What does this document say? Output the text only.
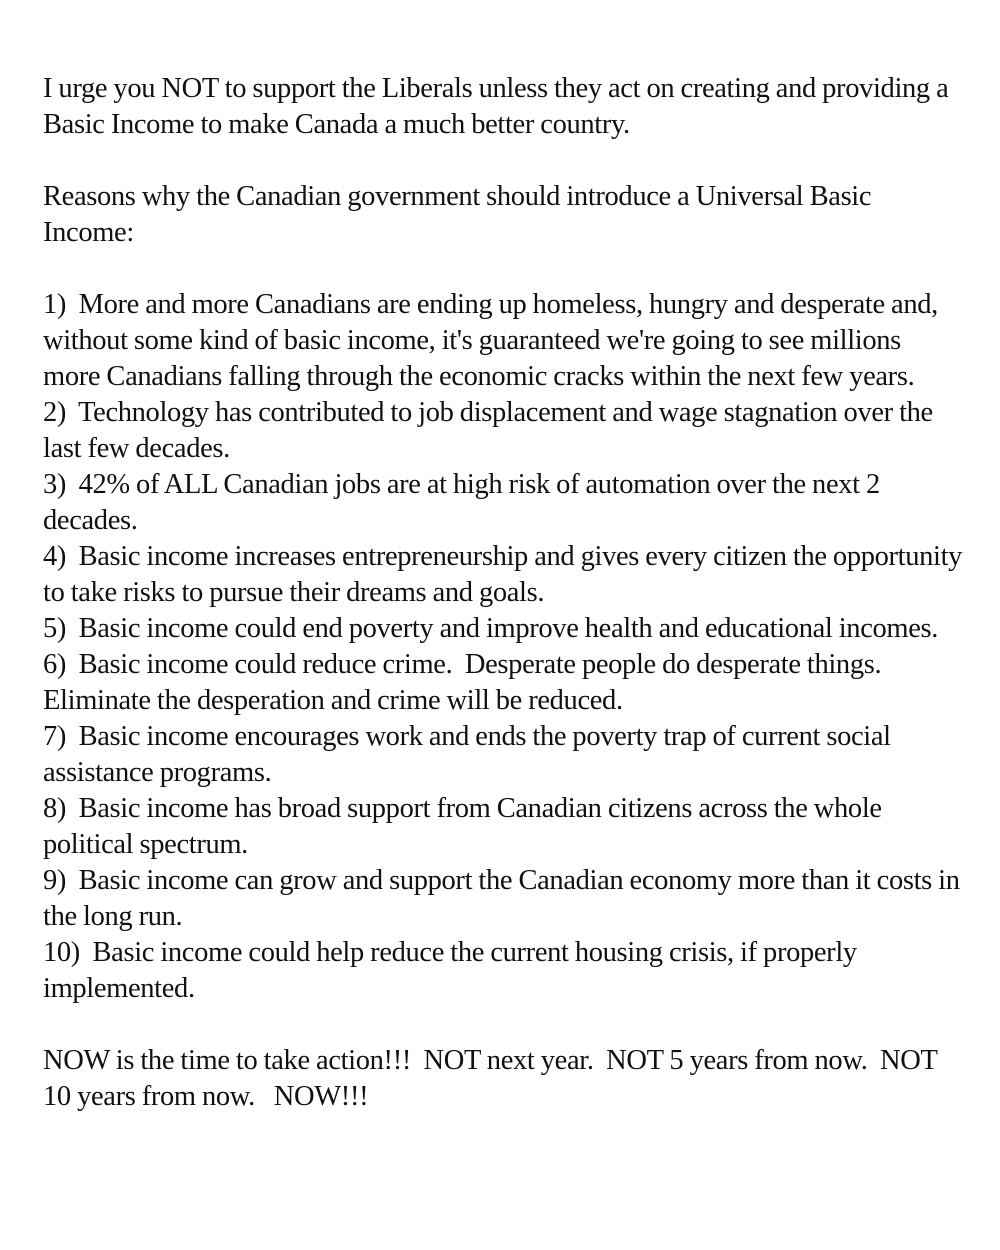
I urge you NOT to support the Liberals unless they act on creating and providing a Basic Income to make Canada a much better country.

Reasons why the Canadian government should introduce a Universal Basic Income:

1)  More and more Canadians are ending up homeless, hungry and desperate and, without some kind of basic income, it's guaranteed we're going to see millions more Canadians falling through the economic cracks within the next few years.
2)  Technology has contributed to job displacement and wage stagnation over the last few decades.
3)  42% of ALL Canadian jobs are at high risk of automation over the next 2 decades.
4)  Basic income increases entrepreneurship and gives every citizen the opportunity to take risks to pursue their dreams and goals.
5)  Basic income could end poverty and improve health and educational incomes.
6)  Basic income could reduce crime.  Desperate people do desperate things.  Eliminate the desperation and crime will be reduced.
7)  Basic income encourages work and ends the poverty trap of current social assistance programs.
8)  Basic income has broad support from Canadian citizens across the whole political spectrum.
9)  Basic income can grow and support the Canadian economy more than it costs in the long run.
10)  Basic income could help reduce the current housing crisis, if properly implemented.

NOW is the time to take action!!!  NOT next year.  NOT 5 years from now.  NOT 10 years from now.   NOW!!!
